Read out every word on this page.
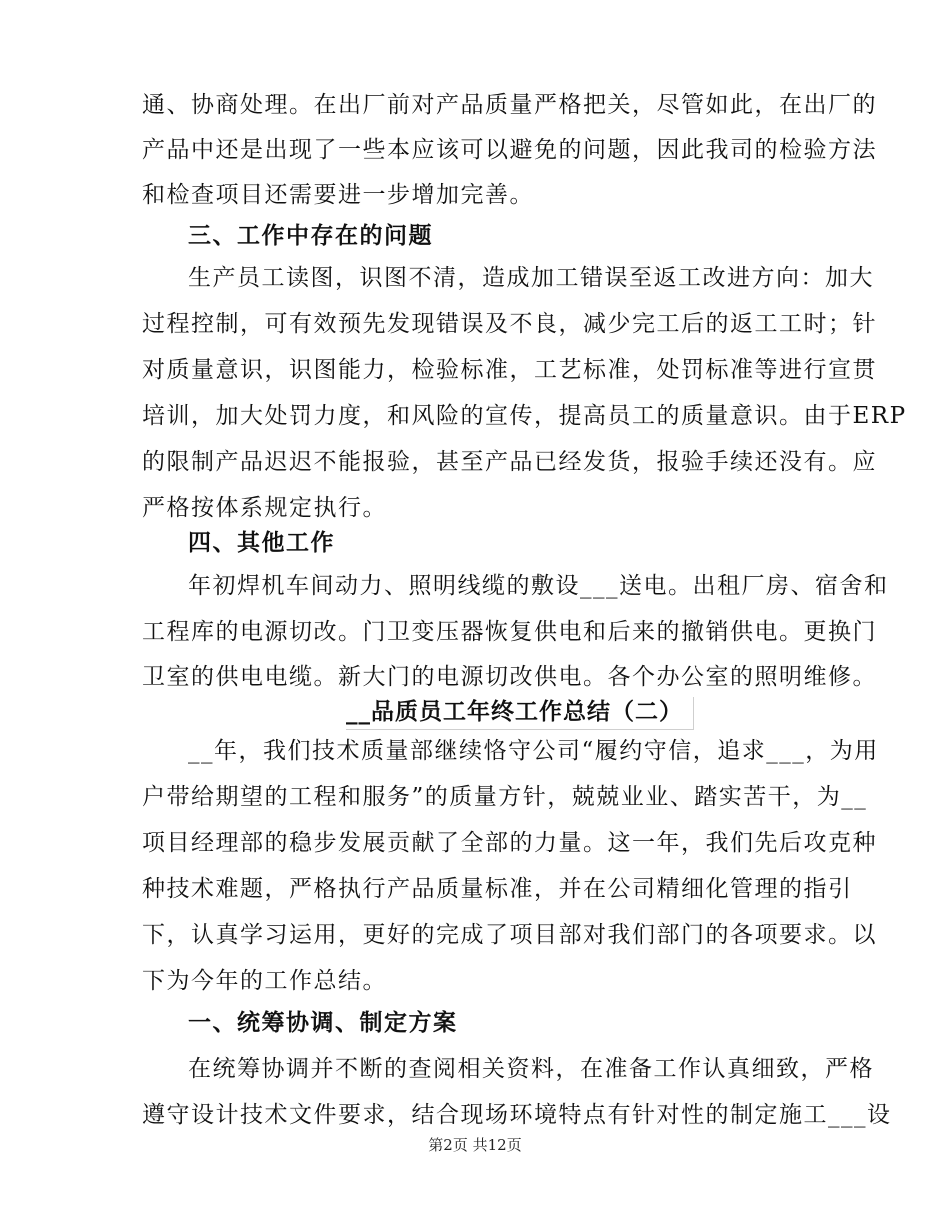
通、协商处理。在出厂前对产品质量严格把关，尽管如此，在出厂的
产品中还是出现了一些本应该可以避免的问题，因此我司的检验方法
和检查项目还需要进一步增加完善。
三、工作中存在的问题
生产员工读图，识图不清，造成加工错误至返工改进方向：加大
过程控制，可有效预先发现错误及不良，减少完工后的返工工时；针
对质量意识，识图能力，检验标准，工艺标准，处罚标准等进行宣贯
培训，加大处罚力度，和风险的宣传，提高员工的质量意识。由于ERP
的限制产品迟迟不能报验，甚至产品已经发货，报验手续还没有。应
严格按体系规定执行。
四、其他工作
年初焊机车间动力、照明线缆的敷设___送电。出租厂房、宿舍和
工程库的电源切改。门卫变压器恢复供电和后来的撤销供电。更换门
卫室的供电电缆。新大门的电源切改供电。各个办公室的照明维修。
__品质员工年终工作总结（二）
__年，我们技术质量部继续恪守公司“履约守信，追求___，为用
户带给期望的工程和服务”的质量方针，兢兢业业、踏实苦干，为__
项目经理部的稳步发展贡献了全部的力量。这一年，我们先后攻克种
种技术难题，严格执行产品质量标准，并在公司精细化管理的指引
下，认真学习运用，更好的完成了项目部对我们部门的各项要求。以
下为今年的工作总结。
一、统筹协调、制定方案
在统筹协调并不断的查阅相关资料，在准备工作认真细致，严格
遵守设计技术文件要求，结合现场环境特点有针对性的制定施工___设
第2页 共12页
